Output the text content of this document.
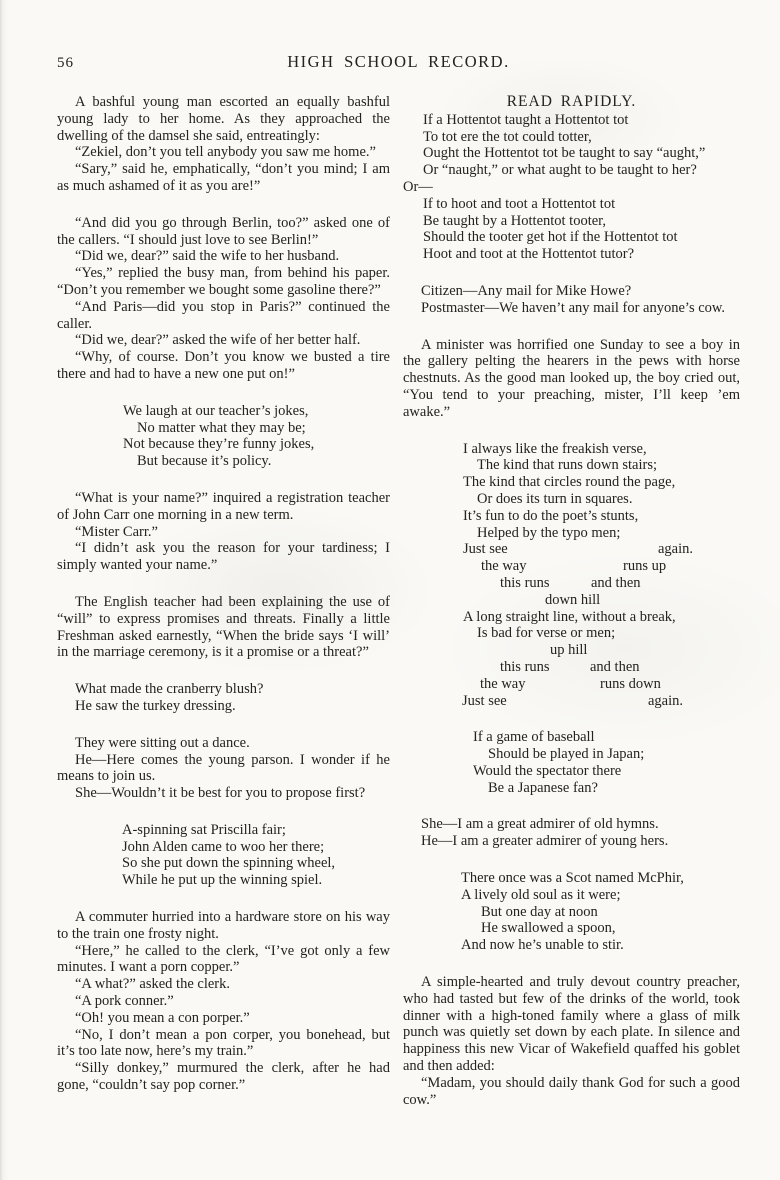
56	HIGH SCHOOL RECORD.

A bashful young man escorted an equally bashful young lady to her home. As they approached the dwelling of the damsel she said, entreatingly:

“Zekiel, don’t you tell anybody you saw me home.”

“Sary,” said he, emphatically, “don’t you mind; I am as much ashamed of it as you are!”

“And did you go through Berlin, too?” asked one of the callers. “I should just love to see Berlin!”

“Did we, dear?” said the wife to her husband.

“Yes,” replied the busy man, from behind his paper. “Don’t you remember we bought some gasoline there?”

“And Paris—did you stop in Paris?” continued the caller.

“Did we, dear?” asked the wife of her better half.

“Why, of course. Don’t you know we busted a tire there and had to have a new one put on!”

We laugh at our teacher’s jokes,

No matter what they may be;

Not because they’re funny jokes,

But because it’s policy.

“What is your name?” inquired a registration teacher of John Carr one morning in a new term.

“Mister Carr.”

“I didn’t ask you the reason for your tardiness; I simply wanted your name.”

The English teacher had been explaining the use of “will” to express promises and threats. Finally a little Freshman asked earnestly, “When the bride says ‘I will’ in the marriage ceremony, is it a promise or a threat?”

What made the cranberry blush?

He saw the turkey dressing.

They were sitting out a dance.

He—Here comes the young parson. I wonder if he means to join us.

She—Wouldn’t it be best for you to propose first?

A-spinning sat Priscilla fair;

John Alden came to woo her there;

So she put down the spinning wheel,

While he put up the winning spiel.

A commuter hurried into a hardware store on his way to the train one frosty night.

“Here,” he called to the clerk, “I’ve got only a few minutes. I want a porn copper.”

“A what?” asked the clerk.

“A pork conner.”

“Oh! you mean a con porper.”

“No, I don’t mean a pon corper, you bonehead, but it’s too late now, here’s my train.”

“Silly donkey,” murmured the clerk, after he had gone, “couldn’t say pop corner.”

READ RAPIDLY.

If a Hottentot taught a Hottentot tot

To tot ere the tot could totter,

Ought the Hottentot tot be taught to say “aught,”

Or “naught,” or what aught to be taught to her?

Or—

If to hoot and toot a Hottentot tot

Be taught by a Hottentot tooter,

Should the tooter get hot if the Hottentot tot

Hoot and toot at the Hottentot tutor?

Citizen—Any mail for Mike Howe?

Postmaster—We haven’t any mail for anyone’s cow.

A minister was horrified one Sunday to see a boy in the gallery pelting the hearers in the pews with horse chestnuts. As the good man looked up, the boy cried out, “You tend to your preaching, mister, I’ll keep ’em awake.”

I always like the freakish verse,

The kind that runs down stairs;

The kind that circles round the page,

Or does its turn in squares.

It’s fun to do the poet’s stunts,

Helped by the typo men;

Just see	again.
the way	runs up
this runs	and then
down hill

A long straight line, without a break,

Is bad for verse or men;

up hill
this runs	and then
the way	runs down
Just see	again.

If a game of baseball

Should be played in Japan;

Would the spectator there

Be a Japanese fan?

She—I am a great admirer of old hymns.

He—I am a greater admirer of young hers.

There once was a Scot named McPhir,

A lively old soul as it were;

But one day at noon

He swallowed a spoon,

And now he’s unable to stir.

A simple-hearted and truly devout country preacher, who had tasted but few of the drinks of the world, took dinner with a high-toned family where a glass of milk punch was quietly set down by each plate. In silence and happiness this new Vicar of Wakefield quaffed his goblet and then added:

“Madam, you should daily thank God for such a good cow.”
